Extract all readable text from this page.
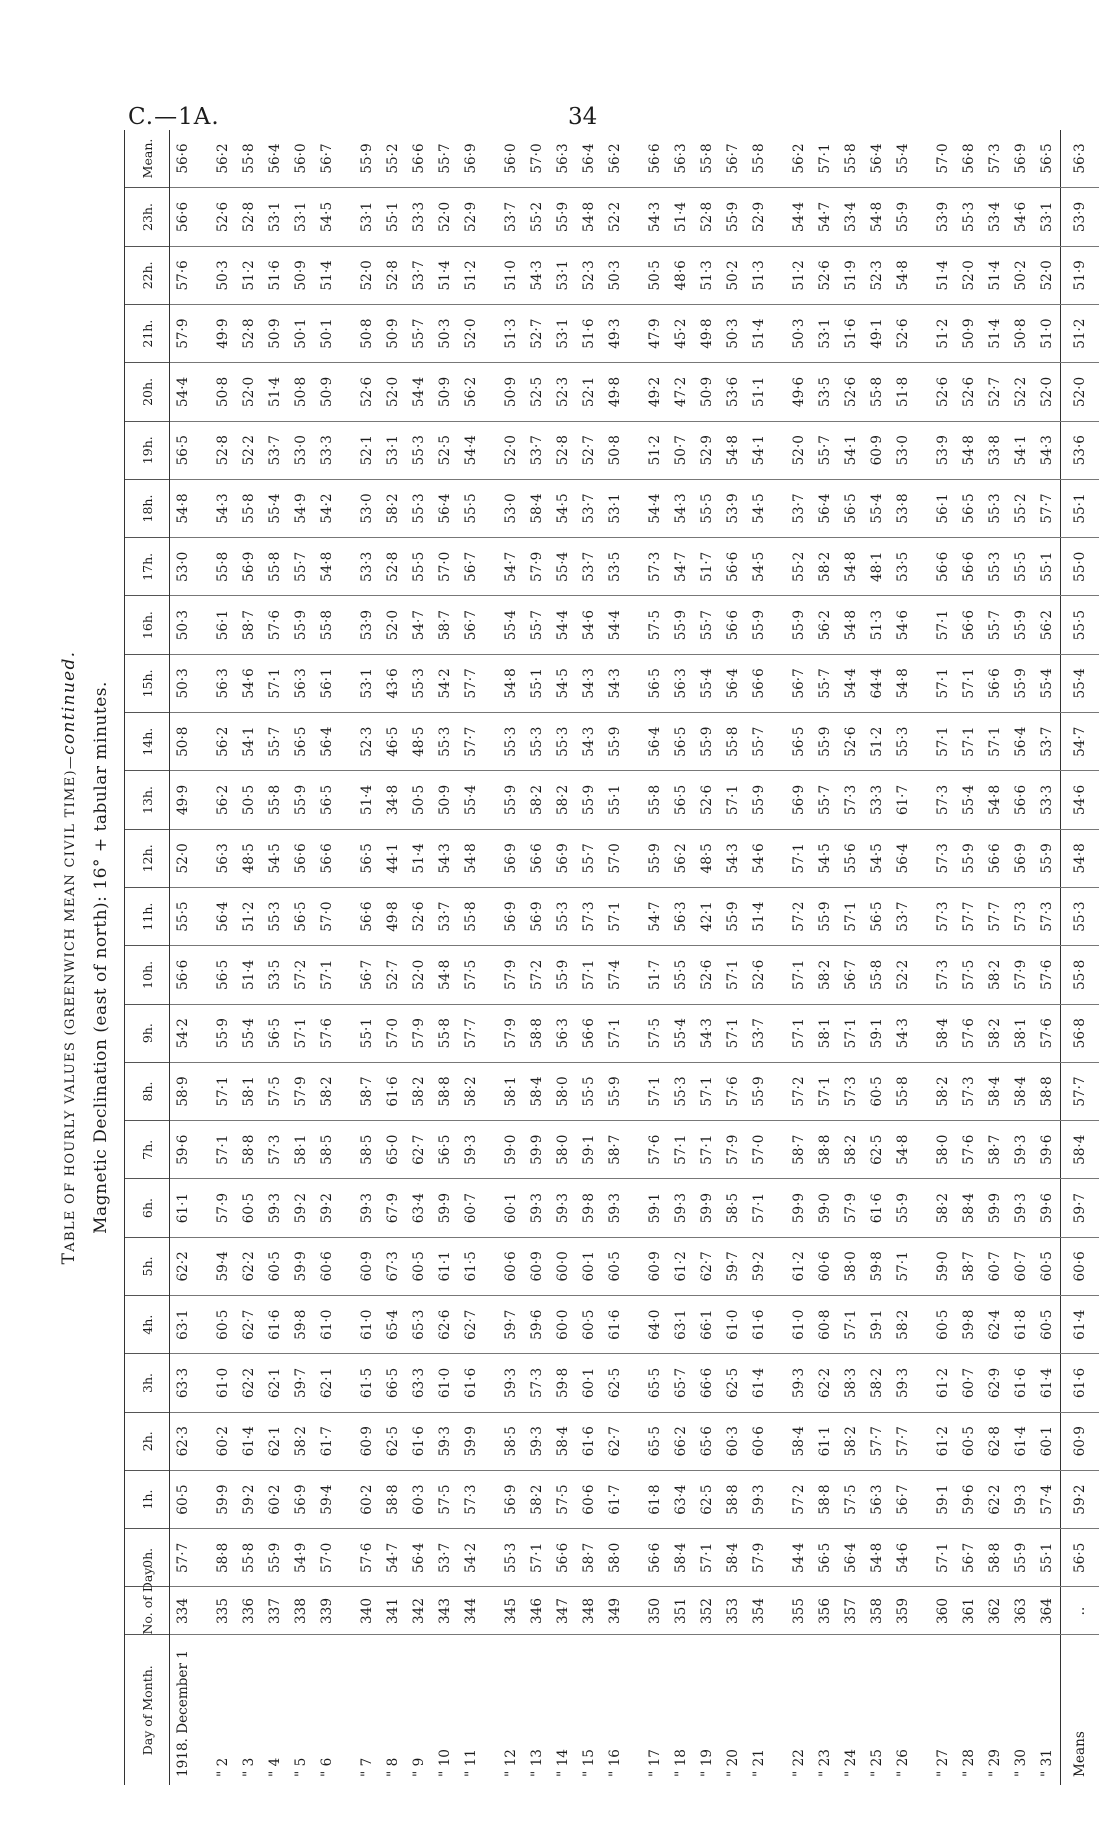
C.—1A.	34
TABLE OF HOURLY VALUES (GREENWICH MEAN CIVIL TIME)—continued. Magnetic Declination (east of north): 16° + tabular minutes.
Day of Month.	No. of Day.	0h.	1h.	2h.	3h.	4h.	5h.	6h.	7h.	8h.	9h.	10h.	11h.	12h.	13h.	14h.	15h.	16h.	17h.	18h.	19h.	20h.	21h.	22h.	23h.	Mean.
1918. December 1	334	57·7	60·5	62·3	63·3	63·1	62·2	61·1	59·6	58·9	54·2	56·6	55·5	52·0	49·9	50·8	50·3	50·3	53·0	54·8	56·5	54·4	57·9	57·6	56·6	56·6

" 2	335	58·8	59·9	60·2	61·0	60·5	59·4	57·9	57·1	57·1	55·9	56·5	56·4	56·3	56·2	56·2	56·3	56·1	55·8	54·3	52·8	50·8	49·9	50·3	52·6	56·2
" 3	336	55·8	59·2	61·4	62·2	62·7	62·2	60·5	58·8	58·1	55·4	51·4	51·2	48·5	50·5	54·1	54·6	58·7	56·9	55·8	52·2	52·0	52·8	51·2	52·8	55·8
" 4	337	55·9	60·2	62·1	62·1	61·6	60·5	59·3	57·3	57·5	56·5	53·5	55·3	54·5	55·8	55·7	57·1	57·6	55·8	55·4	53·7	51·4	50·9	51·6	53·1	56·4
" 5	338	54·9	56·9	58·2	59·7	59·8	59·9	59·2	58·1	57·9	57·1	57·2	56·5	56·6	55·9	56·5	56·3	55·9	55·7	54·9	53·0	50·8	50·1	50·9	53·1	56·0
" 6	339	57·0	59·4	61·7	62·1	61·0	60·6	59·2	58·5	58·2	57·6	57·1	57·0	56·6	56·5	56·4	56·1	55·8	54·8	54·2	53·3	50·9	50·1	51·4	54·5	56·7

" 7	340	57·6	60·2	60·9	61·5	61·0	60·9	59·3	58·5	58·7	55·1	56·7	56·6	56·5	51·4	52·3	53·1	53·9	53·3	53·0	52·1	52·6	50·8	52·0	53·1	55·9
" 8	341	54·7	58·8	62·5	66·5	65·4	67·3	67·9	65·0	61·6	57·0	52·7	49·8	44·1	34·8	46·5	43·6	52·0	52·8	58·2	53·1	52·0	50·9	52·8	55·1	55·2
" 9	342	56·4	60·3	61·6	63·3	65·3	60·5	63·4	62·7	58·2	57·9	52·0	52·6	51·4	50·5	48·5	55·3	54·7	55·5	55·3	55·3	54·4	55·7	53·7	53·3	56·6
" 10	343	53·7	57·5	59·3	61·0	62·6	61·1	59·9	56·5	58·8	55·8	54·8	53·7	54·3	50·9	55·3	54·2	58·7	57·0	56·4	52·5	50·9	50·3	51·4	52·0	55·7
" 11	344	54·2	57·3	59·9	61·6	62·7	61·5	60·7	59·3	58·2	57·7	57·5	55·8	54·8	55·4	57·7	57·7	56·7	56·7	55·5	54·4	56·2	52·0	51·2	52·9	56·9

" 12	345	55·3	56·9	58·5	59·3	59·7	60·6	60·1	59·0	58·1	57·9	57·9	56·9	56·9	55·9	55·3	54·8	55·4	54·7	53·0	52·0	50·9	51·3	51·0	53·7	56·0
" 13	346	57·1	58·2	59·3	57·3	59·6	60·9	59·3	59·9	58·4	58·8	57·2	56·9	56·6	58·2	55·3	55·1	55·7	57·9	58·4	53·7	52·5	52·7	54·3	55·2	57·0
" 14	347	56·6	57·5	58·4	59·8	60·0	60·0	59·3	58·0	58·0	56·3	55·9	55·3	56·9	58·2	55·3	54·5	54·4	55·4	54·5	52·8	52·3	53·1	53·1	55·9	56·3
" 15	348	58·7	60·6	61·6	60·1	60·5	60·1	59·8	59·1	55·5	56·6	57·1	57·3	55·7	55·9	54·3	54·3	54·6	53·7	53·7	52·7	52·1	51·6	52·3	54·8	56·4
" 16	349	58·0	61·7	62·7	62·5	61·6	60·5	59·3	58·7	55·9	57·1	57·4	57·1	57·0	55·1	55·9	54·3	54·4	53·5	53·1	50·8	49·8	49·3	50·3	52·2	56·2

" 17	350	56·6	61·8	65·5	65·5	64·0	60·9	59·1	57·6	57·1	57·5	51·7	54·7	55·9	55·8	56·4	56·5	57·5	57·3	54·4	51·2	49·2	47·9	50·5	54·3	56·6
" 18	351	58·4	63·4	66·2	65·7	63·1	61·2	59·3	57·1	55·3	55·4	55·5	56·3	56·2	56·5	56·5	56·3	55·9	54·7	54·3	50·7	47·2	45·2	48·6	51·4	56·3
" 19	352	57·1	62·5	65·6	66·6	66·1	62·7	59·9	57·1	57·1	54·3	52·6	42·1	48·5	52·6	55·9	55·4	55·7	51·7	55·5	52·9	50·9	49·8	51·3	52·8	55·8
" 20	353	58·4	58·8	60·3	62·5	61·0	59·7	58·5	57·9	57·6	57·1	57·1	55·9	54·3	57·1	55·8	56·4	56·6	56·6	53·9	54·8	53·6	50·3	50·2	55·9	56·7
" 21	354	57·9	59·3	60·6	61·4	61·6	59·2	57·1	57·0	55·9	53·7	52·6	51·4	54·6	55·9	55·7	56·6	55·9	54·5	54·5	54·1	51·1	51·4	51·3	52·9	55·8

" 22	355	54·4	57·2	58·4	59·3	61·0	61·2	59·9	58·7	57·2	57·1	57·1	57·2	57·1	56·9	56·5	56·7	55·9	55·2	53·7	52·0	49·6	50·3	51·2	54·4	56·2
" 23	356	56·5	58·8	61·1	62·2	60·8	60·6	59·0	58·8	57·1	58·1	58·2	55·9	54·5	55·7	55·9	55·7	56·2	58·2	56·4	55·7	53·5	53·1	52·6	54·7	57·1
" 24	357	56·4	57·5	58·2	58·3	57·1	58·0	57·9	58·2	57·3	57·1	56·7	57·1	55·6	57·3	52·6	54·4	54·8	54·8	56·5	54·1	52·6	51·6	51·9	53·4	55·8
" 25	358	54·8	56·3	57·7	58·2	59·1	59·8	61·6	62·5	60·5	59·1	55·8	56·5	54·5	53·3	51·2	64·4	51·3	48·1	55·4	60·9	55·8	49·1	52·3	54·8	56·4
" 26	359	54·6	56·7	57·7	59·3	58·2	57·1	55·9	54·8	55·8	54·3	52·2	53·7	56·4	61·7	55·3	54·8	54·6	53·5	53·8	53·0	51·8	52·6	54·8	55·9	55·4

" 27	360	57·1	59·1	61·2	61·2	60·5	59·0	58·2	58·0	58·2	58·4	57·3	57·3	57·3	57·3	57·1	57·1	57·1	56·6	56·1	53·9	52·6	51·2	51·4	53·9	57·0
" 28	361	56·7	59·6	60·5	60·7	59·8	58·7	58·4	57·6	57·3	57·6	57·5	57·7	55·9	55·4	57·1	57·1	56·6	56·6	56·5	54·8	52·6	50·9	52·0	55·3	56·8
" 29	362	58·8	62·2	62·8	62·9	62·4	60·7	59·9	58·7	58·4	58·2	58·2	57·7	56·6	54·8	57·1	56·6	55·7	55·3	55·3	53·8	52·7	51·4	51·4	53·4	57·3
" 30	363	55·9	59·3	61·4	61·6	61·8	60·7	59·3	59·3	58·4	58·1	57·9	57·3	56·9	56·6	56·4	55·9	55·9	55·5	55·2	54·1	52·2	50·8	50·2	54·6	56·9
" 31	364	55·1	57·4	60·1	61·4	60·5	60·5	59·6	59·6	58·8	57·6	57·6	57·3	55·9	53·3	53·7	55·4	56·2	55·1	57·7	54·3	52·0	51·0	52·0	53·1	56·5
Means	..	56·5	59·2	60·9	61·6	61·4	60·6	59·7	58·4	57·7	56·8	55·8	55·3	54·8	54·6	54·7	55·4	55·5	55·0	55·1	53·6	52·0	51·2	51·9	53·9	56·3
